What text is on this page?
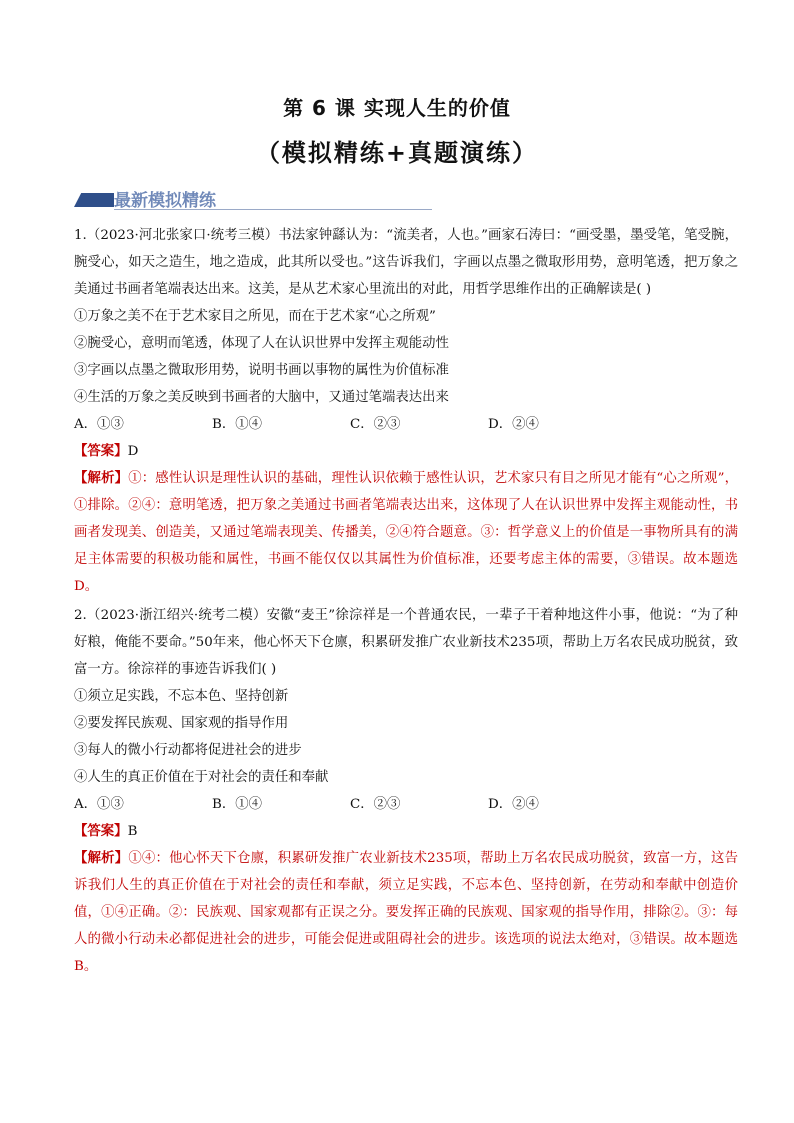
第 6 课 实现人生的价值
（模拟精练+真题演练）
最新模拟精练

1.（2023·河北张家口·统考三模）书法家钟繇认为：“流美者，人也。”画家石涛曰：“画受墨，墨受笔，笔受腕，腕受心，如天之造生，地之造成，此其所以受也。”这告诉我们，字画以点墨之微取形用势，意明笔透，把万象之美通过书画者笔端表达出来。这美，是从艺术家心里流出的对此，用哲学思维作出的正确解读是( )

①万象之美不在于艺术家目之所见，而在于艺术家“心之所观”

②腕受心，意明而笔透，体现了人在认识世界中发挥主观能动性

③字画以点墨之微取形用势，说明书画以事物的属性为价值标准

④生活的万象之美反映到书画者的大脑中，又通过笔端表达出来

A．①③	B．①④	C．②③	D．②④

【答案】D

【解析】①：感性认识是理性认识的基础，理性认识依赖于感性认识，艺术家只有目之所见才能有“心之所观”，①排除。②④：意明笔透，把万象之美通过书画者笔端表达出来，这体现了人在认识世界中发挥主观能动性，书画者发现美、创造美，又通过笔端表现美、传播美，②④符合题意。③：哲学意义上的价值是一事物所具有的满足主体需要的积极功能和属性，书画不能仅仅以其属性为价值标准，还要考虑主体的需要，③错误。故本题选D。

2.（2023·浙江绍兴·统考二模）安徽“麦王”徐淙祥是一个普通农民，一辈子干着种地这件小事，他说：“为了种好粮，俺能不要命。”50年来，他心怀天下仓廪，积累研发推广农业新技术235项，帮助上万名农民成功脱贫，致富一方。徐淙祥的事迹告诉我们( )

①须立足实践，不忘本色、坚持创新

②要发挥民族观、国家观的指导作用

③每人的微小行动都将促进社会的进步

④人生的真正价值在于对社会的责任和奉献

A．①③	B．①④	C．②③	D．②④

【答案】B

【解析】①④：他心怀天下仓廪，积累研发推广农业新技术235项，帮助上万名农民成功脱贫，致富一方，这告诉我们人生的真正价值在于对社会的责任和奉献，须立足实践，不忘本色、坚持创新，在劳动和奉献中创造价值，①④正确。②：民族观、国家观都有正误之分。要发挥正确的民族观、国家观的指导作用，排除②。③：每人的微小行动未必都促进社会的进步，可能会促进或阻碍社会的进步。该选项的说法太绝对，③错误。故本题选B。
